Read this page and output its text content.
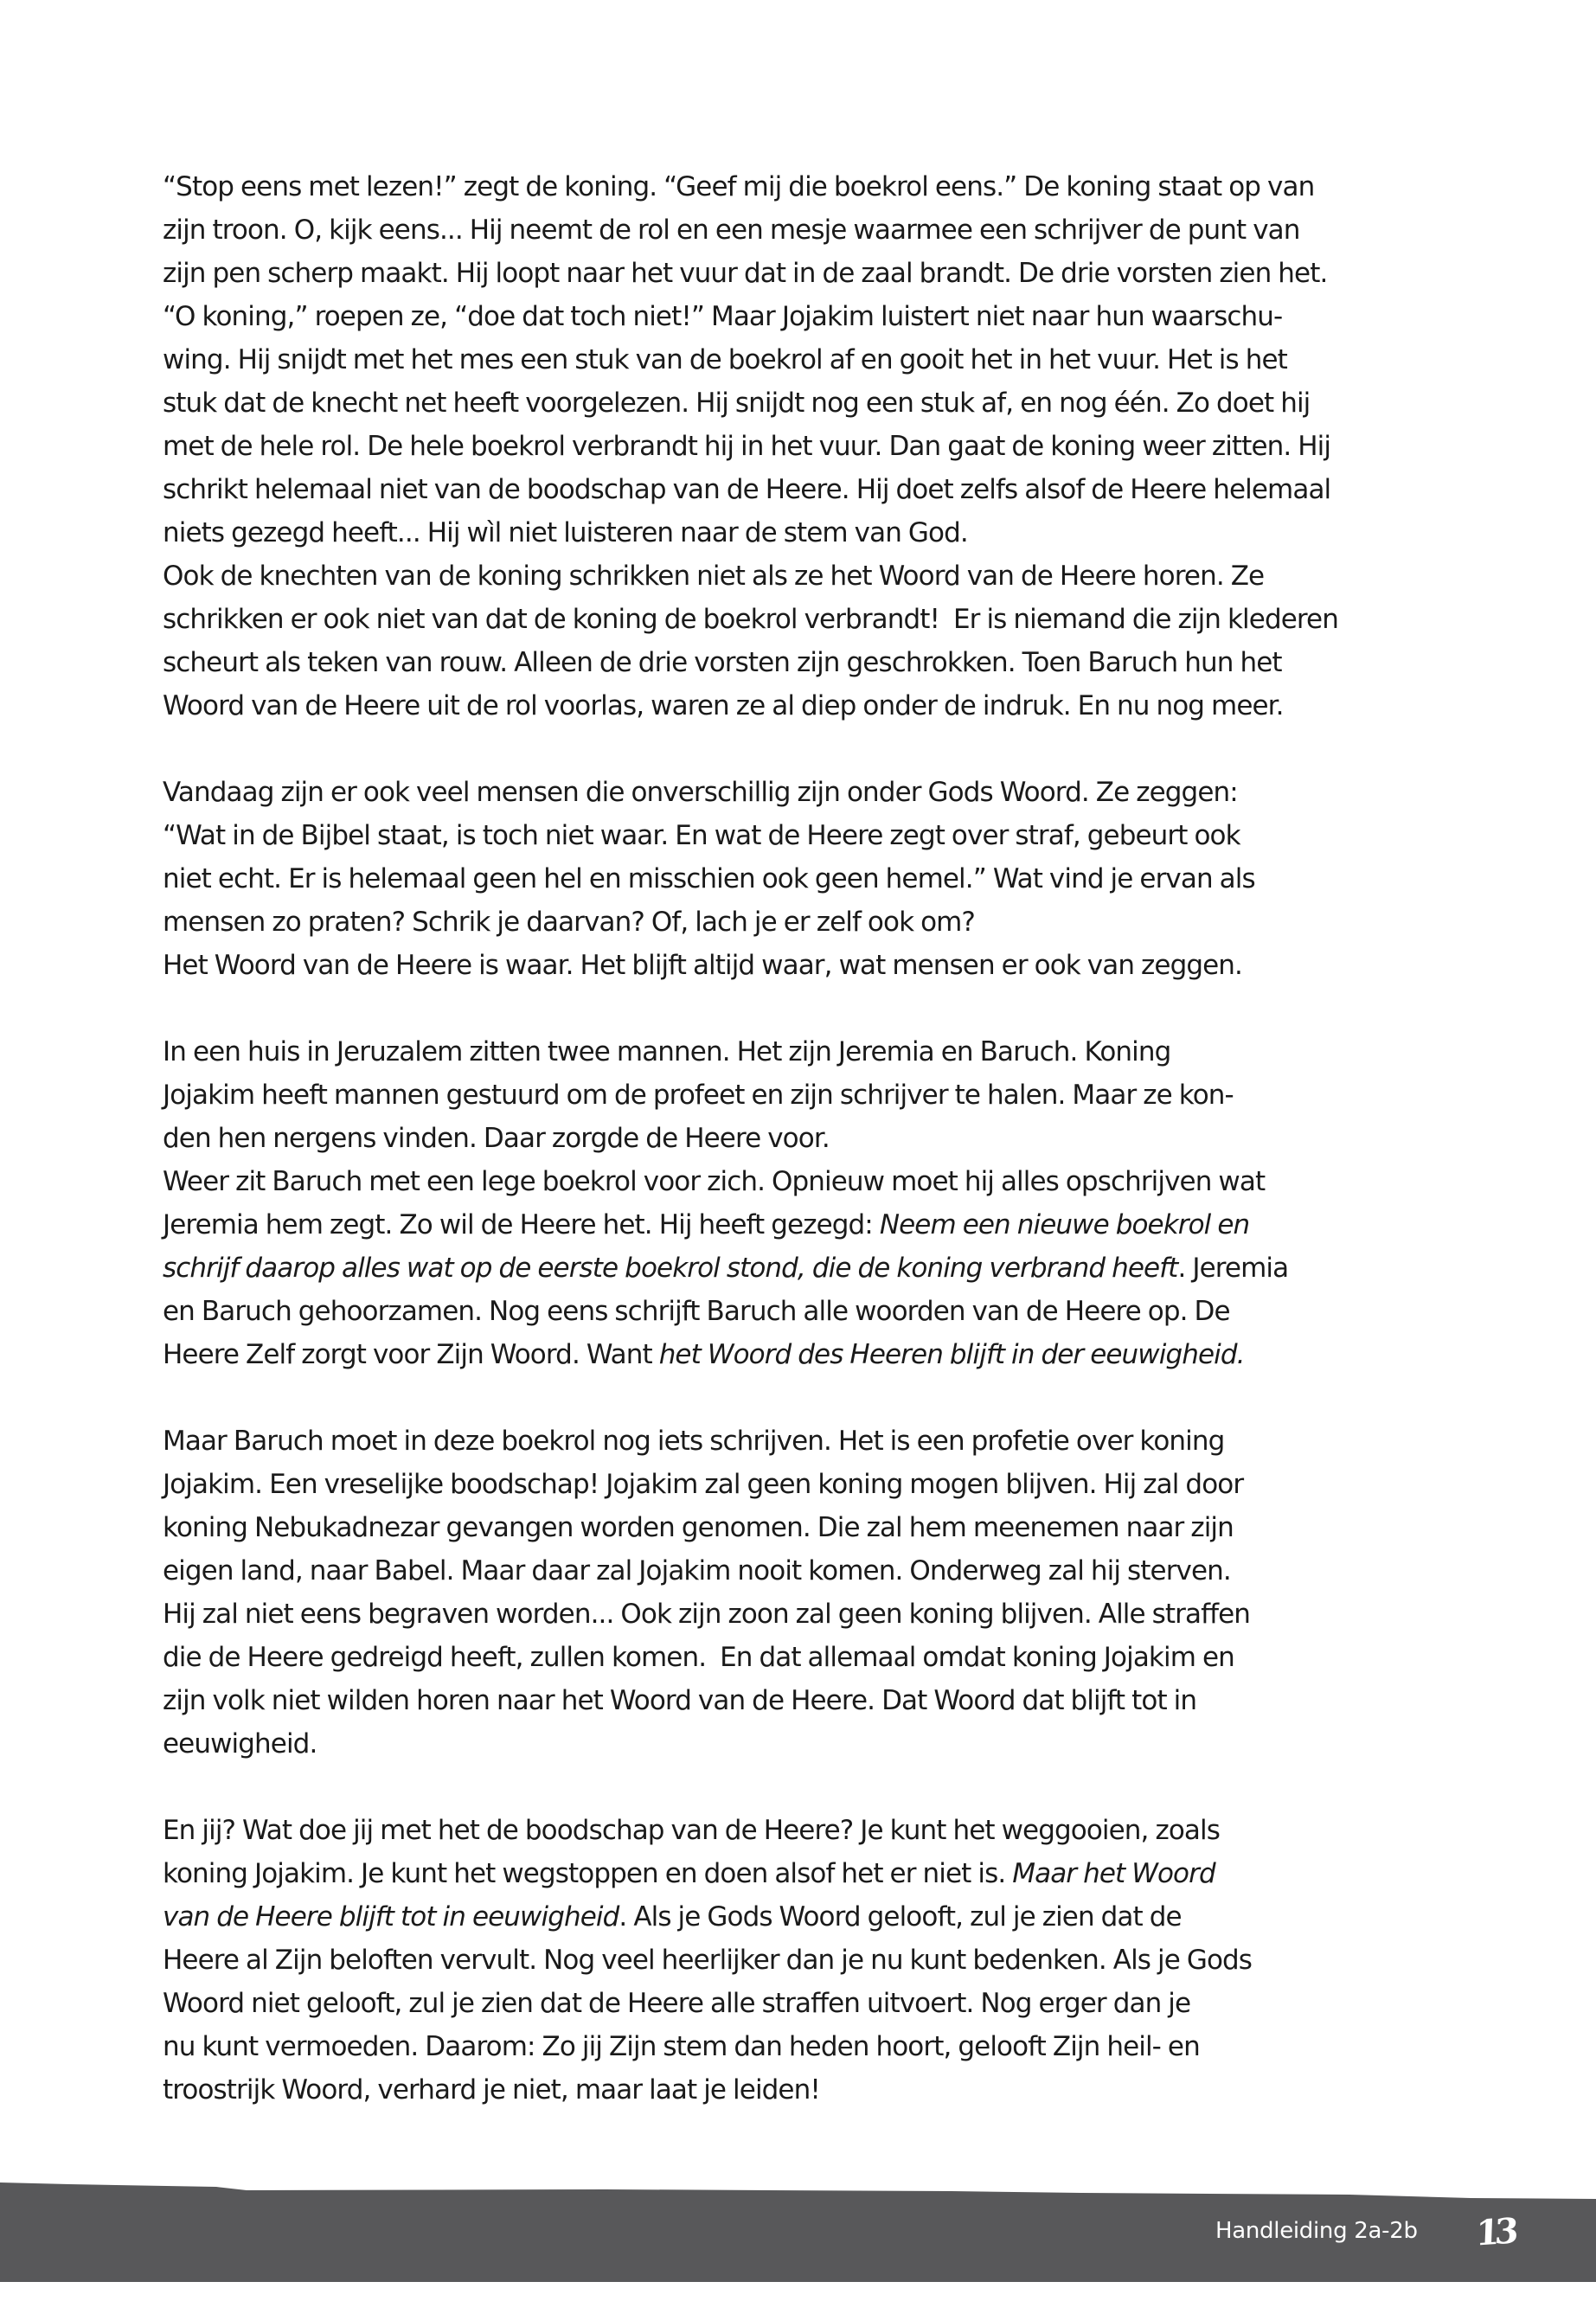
“Stop eens met lezen!” zegt de koning. “Geef mij die boekrol eens.” De koning staat op van
zijn troon. O, kijk eens... Hij neemt de rol en een mesje waarmee een schrijver de punt van
zijn pen scherp maakt. Hij loopt naar het vuur dat in de zaal brandt. De drie vorsten zien het.
“O koning,” roepen ze, “doe dat toch niet!” Maar Jojakim luistert niet naar hun waarschu-
wing. Hij snijdt met het mes een stuk van de boekrol af en gooit het in het vuur. Het is het
stuk dat de knecht net heeft voorgelezen. Hij snijdt nog een stuk af, en nog één. Zo doet hij
met de hele rol. De hele boekrol verbrandt hij in het vuur. Dan gaat de koning weer zitten. Hij
schrikt helemaal niet van de boodschap van de Heere. Hij doet zelfs alsof de Heere helemaal
niets gezegd heeft... Hij wìl niet luisteren naar de stem van God.
Ook de knechten van de koning schrikken niet als ze het Woord van de Heere horen. Ze
schrikken er ook niet van dat de koning de boekrol verbrandt!  Er is niemand die zijn klederen
scheurt als teken van rouw. Alleen de drie vorsten zijn geschrokken. Toen Baruch hun het
Woord van de Heere uit de rol voorlas, waren ze al diep onder de indruk. En nu nog meer.
Vandaag zijn er ook veel mensen die onverschillig zijn onder Gods Woord. Ze zeggen:
“Wat in de Bijbel staat, is toch niet waar. En wat de Heere zegt over straf, gebeurt ook
niet echt. Er is helemaal geen hel en misschien ook geen hemel.” Wat vind je ervan als
mensen zo praten? Schrik je daarvan? Of, lach je er zelf ook om?
Het Woord van de Heere is waar. Het blijft altijd waar, wat mensen er ook van zeggen.
In een huis in Jeruzalem zitten twee mannen. Het zijn Jeremia en Baruch. Koning
Jojakim heeft mannen gestuurd om de profeet en zijn schrijver te halen. Maar ze kon-
den hen nergens vinden. Daar zorgde de Heere voor.
Weer zit Baruch met een lege boekrol voor zich. Opnieuw moet hij alles opschrijven wat
Jeremia hem zegt. Zo wil de Heere het. Hij heeft gezegd: Neem een nieuwe boekrol en
schrijf daarop alles wat op de eerste boekrol stond, die de koning verbrand heeft. Jeremia
en Baruch gehoorzamen. Nog eens schrijft Baruch alle woorden van de Heere op. De
Heere Zelf zorgt voor Zijn Woord. Want het Woord des Heeren blijft in der eeuwigheid.
Maar Baruch moet in deze boekrol nog iets schrijven. Het is een profetie over koning
Jojakim. Een vreselijke boodschap! Jojakim zal geen koning mogen blijven. Hij zal door
koning Nebukadnezar gevangen worden genomen. Die zal hem meenemen naar zijn
eigen land, naar Babel. Maar daar zal Jojakim nooit komen. Onderweg zal hij sterven.
Hij zal niet eens begraven worden... Ook zijn zoon zal geen koning blijven. Alle straffen
die de Heere gedreigd heeft, zullen komen.  En dat allemaal omdat koning Jojakim en
zijn volk niet wilden horen naar het Woord van de Heere. Dat Woord dat blijft tot in
eeuwigheid.
En jij? Wat doe jij met het de boodschap van de Heere? Je kunt het weggooien, zoals
koning Jojakim. Je kunt het wegstoppen en doen alsof het er niet is. Maar het Woord
van de Heere blijft tot in eeuwigheid. Als je Gods Woord gelooft, zul je zien dat de
Heere al Zijn beloften vervult. Nog veel heerlijker dan je nu kunt bedenken. Als je Gods
Woord niet gelooft, zul je zien dat de Heere alle straffen uitvoert. Nog erger dan je
nu kunt vermoeden. Daarom: Zo jij Zijn stem dan heden hoort, gelooft Zijn heil- en
troostrijk Woord, verhard je niet, maar laat je leiden!
Handleiding 2a-2b 13
